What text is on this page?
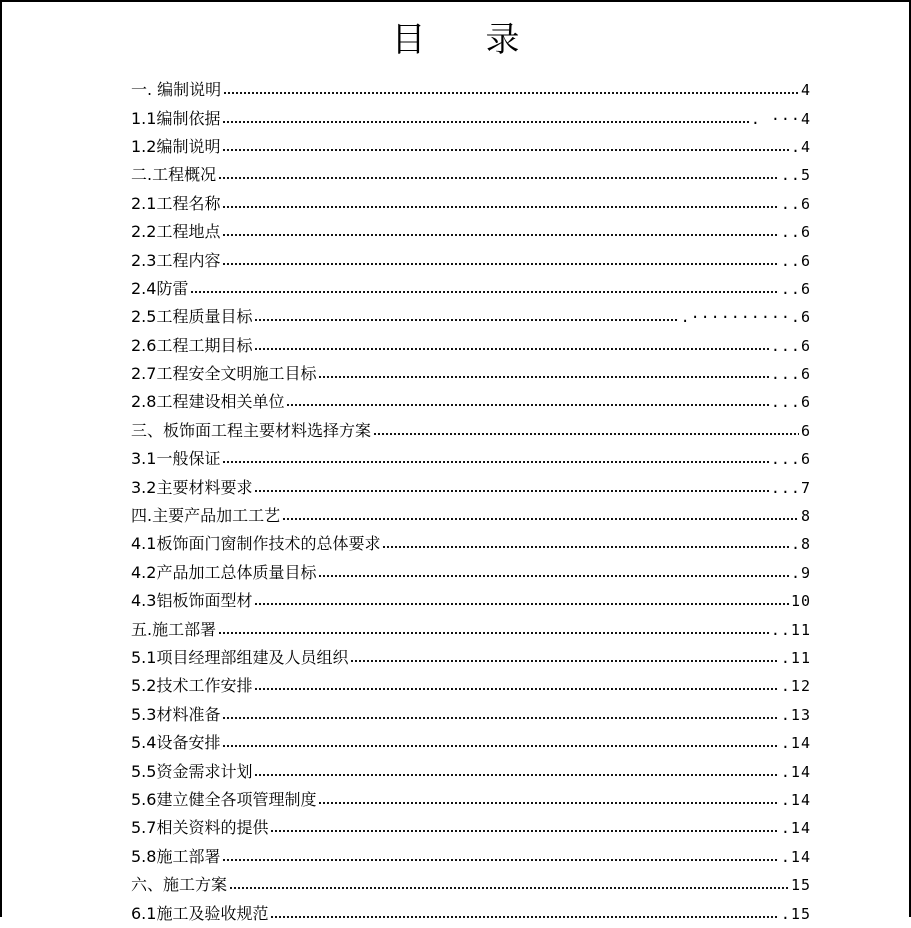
目录
一. 编制说明	4
1.1编制依据	. ···4
1.2编制说明	.4
二.工程概况	..5
2.1工程名称	..6
2.2工程地点	..6
2.3工程内容	..6
2.4防雷	..6
2.5工程质量目标	.··········.6
2.6工程工期目标	...6
2.7工程安全文明施工目标	...6
2.8工程建设相关单位	...6
三、板饰面工程主要材料选择方案	6
3.1一般保证	...6
3.2主要材料要求	...7
四.主要产品加工工艺	8
4.1板饰面门窗制作技术的总体要求	.8
4.2产品加工总体质量目标	.9
4.3铝板饰面型材	10
五.施工部署	..11
5.1项目经理部组建及人员组织	.11
5.2技术工作安排	.12
5.3材料准备	.13
5.4设备安排	.14
5.5资金需求计划	.14
5.6建立健全各项管理制度	.14
5.7相关资料的提供	.14
5.8施工部署	.14
六、施工方案	15
6.1施工及验收规范	.15
